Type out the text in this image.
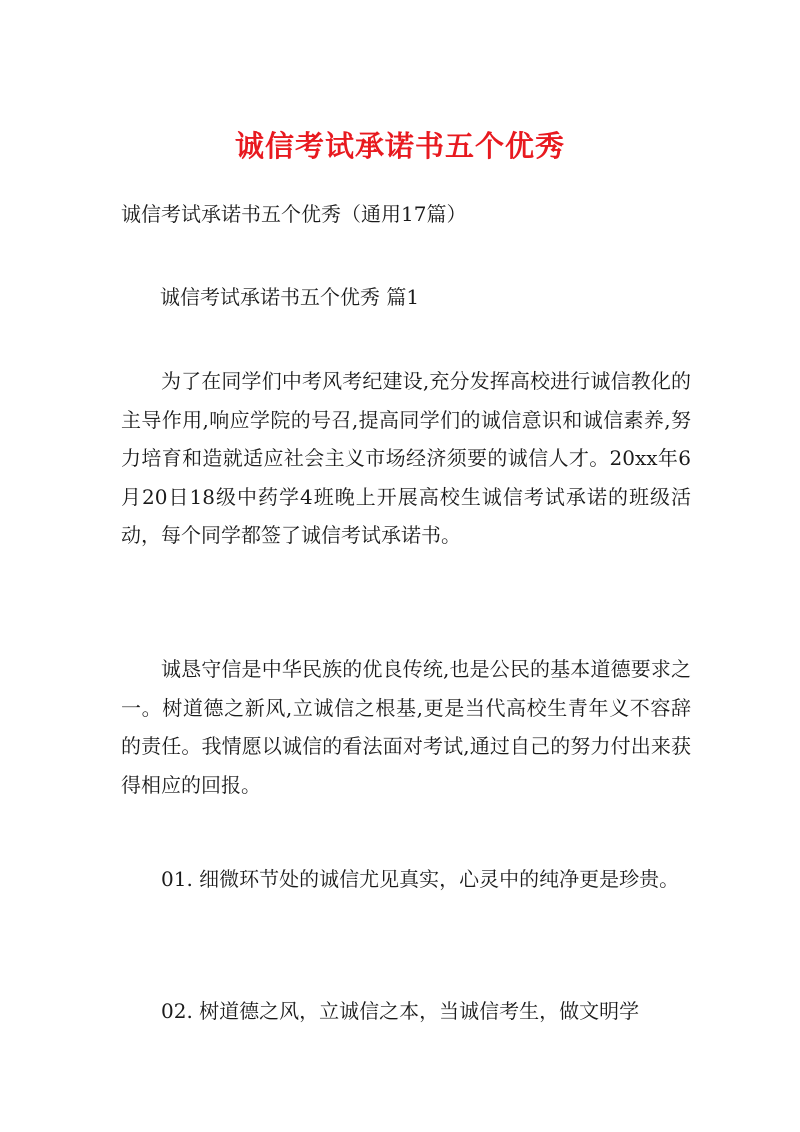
诚信考试承诺书五个优秀
诚信考试承诺书五个优秀（通用17篇）
诚信考试承诺书五个优秀 篇1

为了在同学们中考风考纪建设,充分发挥高校进行诚信教化的主导作用,响应学院的号召,提高同学们的诚信意识和诚信素养,努力培育和造就适应社会主义市场经济须要的诚信人才。20xx年6月20日18级中药学4班晚上开展高校生诚信考试承诺的班级活动，每个同学都签了诚信考试承诺书。

诚恳守信是中华民族的优良传统,也是公民的基本道德要求之一。树道德之新风,立诚信之根基,更是当代高校生青年义不容辞的责任。我情愿以诚信的看法面对考试,通过自己的努力付出来获得相应的回报。

01. 细微环节处的诚信尤见真实，心灵中的纯净更是珍贵。

02. 树道德之风，立诚信之本，当诚信考生，做文明学
